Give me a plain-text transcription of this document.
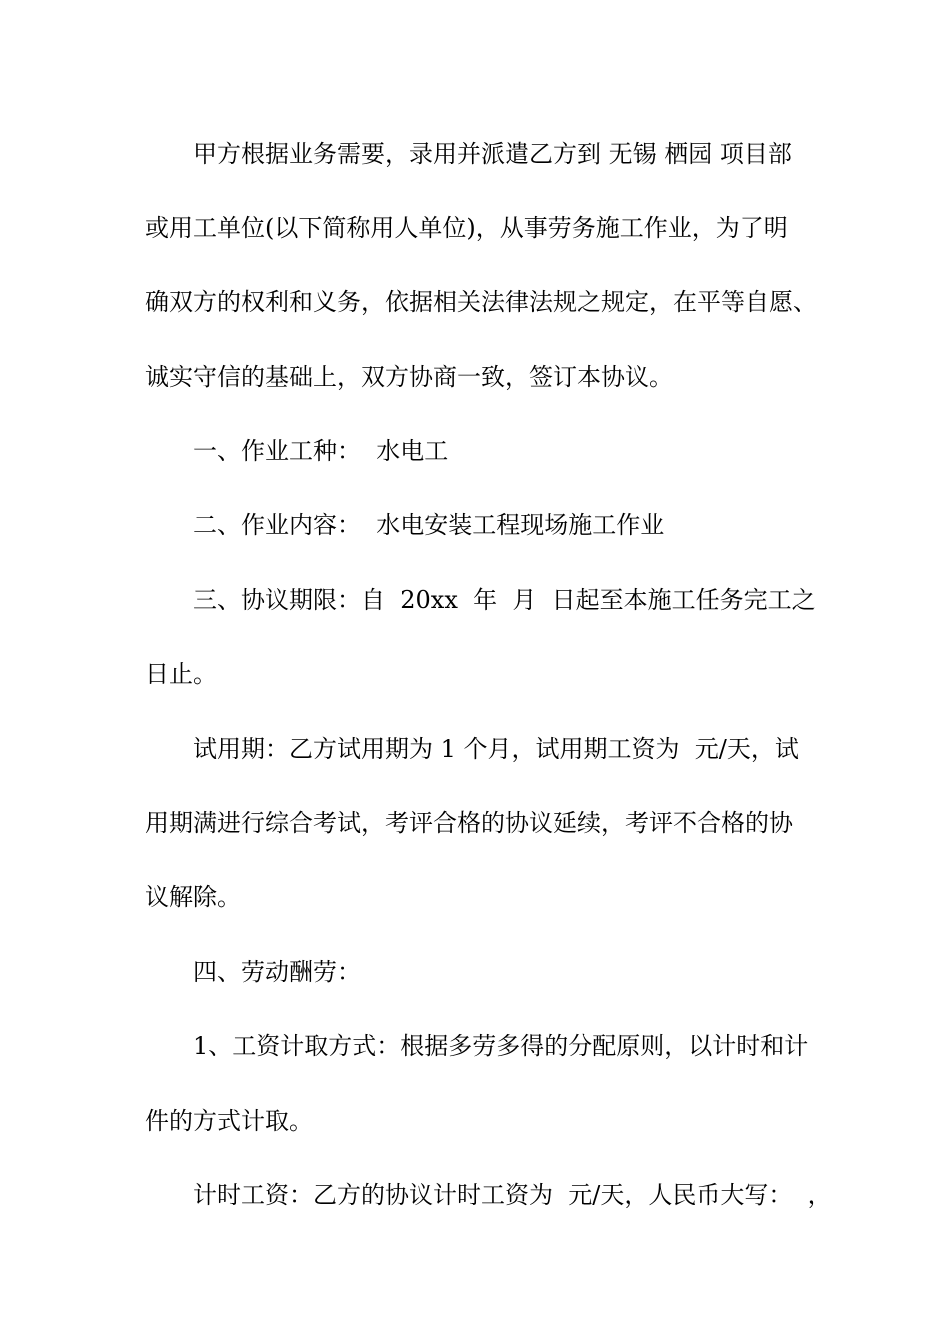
甲方根据业务需要，录用并派遣乙方到 无锡 栖园 项目部
或用工单位(以下简称用人单位)，从事劳务施工作业，为了明
确双方的权利和义务，依据相关法律法规之规定，在平等自愿、
诚实守信的基础上，双方协商一致，签订本协议。
一、作业工种：  水电工
二、作业内容：  水电安装工程现场施工作业
三、协议期限：自  20xx  年  月  日起至本施工任务完工之
日止。
试用期：乙方试用期为 1 个月，试用期工资为  元/天，试
用期满进行综合考试，考评合格的协议延续，考评不合格的协
议解除。
四、劳动酬劳：
1、工资计取方式：根据多劳多得的分配原则，以计时和计
件的方式计取。
计时工资：乙方的协议计时工资为  元/天，人民币大写：  ，
